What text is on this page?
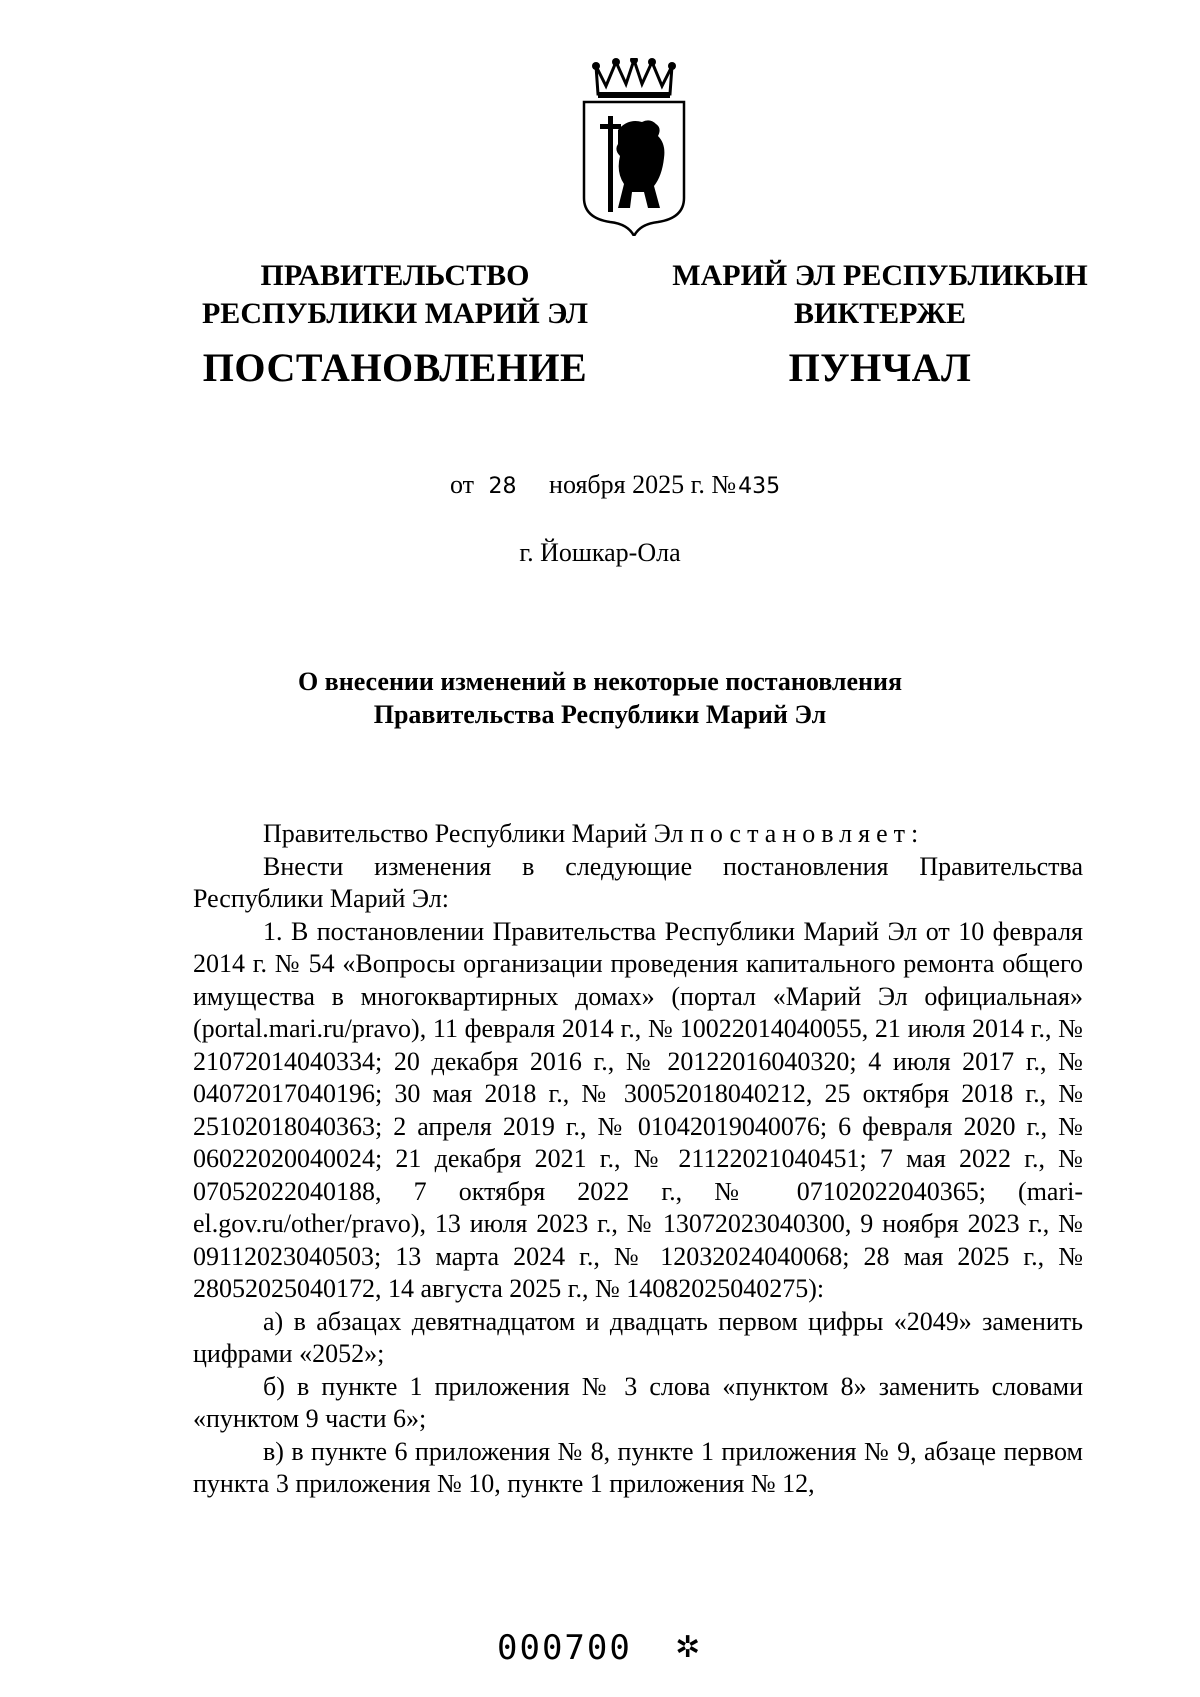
ПРАВИТЕЛЬСТВО
РЕСПУБЛИКИ МАРИЙ ЭЛ
ПОСТАНОВЛЕНИЕ
МАРИЙ ЭЛ РЕСПУБЛИКЫН
ВИКТЕРЖЕ
ПУНЧАЛ
от 28 ноября 2025 г. №435
г. Йошкар-Ола
О внесении изменений в некоторые постановления
Правительства Республики Марий Эл

Правительство Республики Марий Эл постановляет:

Внести изменения в следующие постановления Правительства Республики Марий Эл:

1. В постановлении Правительства Республики Марий Эл от 10 февраля 2014 г. № 54 «Вопросы организации проведения капитального ремонта общего имущества в многоквартирных домах» (портал «Марий Эл официальная» (portal.mari.ru/pravo), 11 февраля 2014 г., № 10022014040055, 21 июля 2014 г., № 21072014040334; 20 декабря 2016 г., № 20122016040320; 4 июля 2017 г., № 04072017040196; 30 мая 2018 г., № 30052018040212, 25 октября 2018 г., № 25102018040363; 2 апреля 2019 г., № 01042019040076; 6 февраля 2020 г., № 06022020040024; 21 декабря 2021 г., № 21122021040451; 7 мая 2022 г., № 07052022040188, 7 октября 2022 г., № 07102022040365; (mari-el.gov.ru/other/pravo), 13 июля 2023 г., № 13072023040300, 9 ноября 2023 г., № 09112023040503; 13 марта 2024 г., № 12032024040068; 28 мая 2025 г., № 28052025040172, 14 августа 2025 г., № 14082025040275):

а) в абзацах девятнадцатом и двадцать первом цифры «2049» заменить цифрами «2052»;

б) в пункте 1 приложения № 3 слова «пунктом 8» заменить словами «пунктом 9 части 6»;

в) в пункте 6 приложения № 8, пункте 1 приложения № 9, абзаце первом пункта 3 приложения № 10, пункте 1 приложения № 12,

000700 ✲
